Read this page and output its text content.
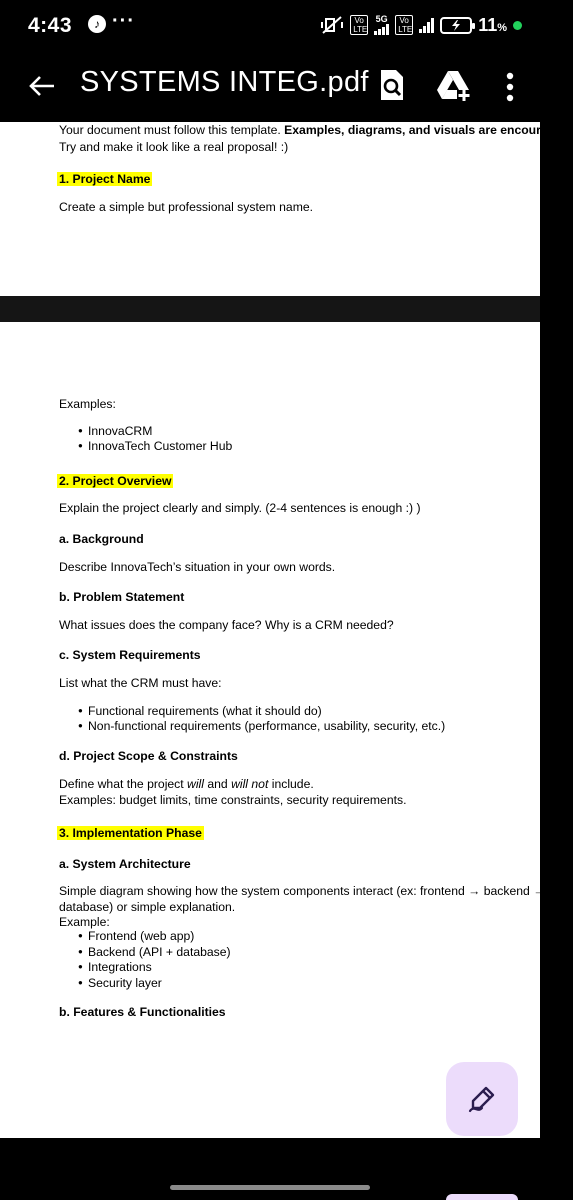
4:43	♪ ···	Vo LTE
5G	Vo LTE	11%
SYSTEMS INTEG.pdf
Your document must follow this template. Examples, diagrams, and visuals are encouraged!
Try and make it look like a real proposal! :)
1. Project Name
Create a simple but professional system name.
Examples:
● InnovaCRM
● InnovaTech Customer Hub
2. Project Overview
Explain the project clearly and simply. (2-4 sentences is enough :) )
a. Background
Describe InnovaTech’s situation in your own words.
b. Problem Statement
What issues does the company face? Why is a CRM needed?
c. System Requirements
List what the CRM must have:
● Functional requirements (what it should do)
● Non-functional requirements (performance, usability, security, etc.)
d. Project Scope & Constraints
Define what the project will and will not include.
Examples: budget limits, time constraints, security requirements.
3. Implementation Phase
a. System Architecture
Simple diagram showing how the system components interact (ex: frontend → backend →
database) or simple explanation.
Example:
● Frontend (web app)
● Backend (API + database)
● Integrations
● Security layer
b. Features & Functionalities
